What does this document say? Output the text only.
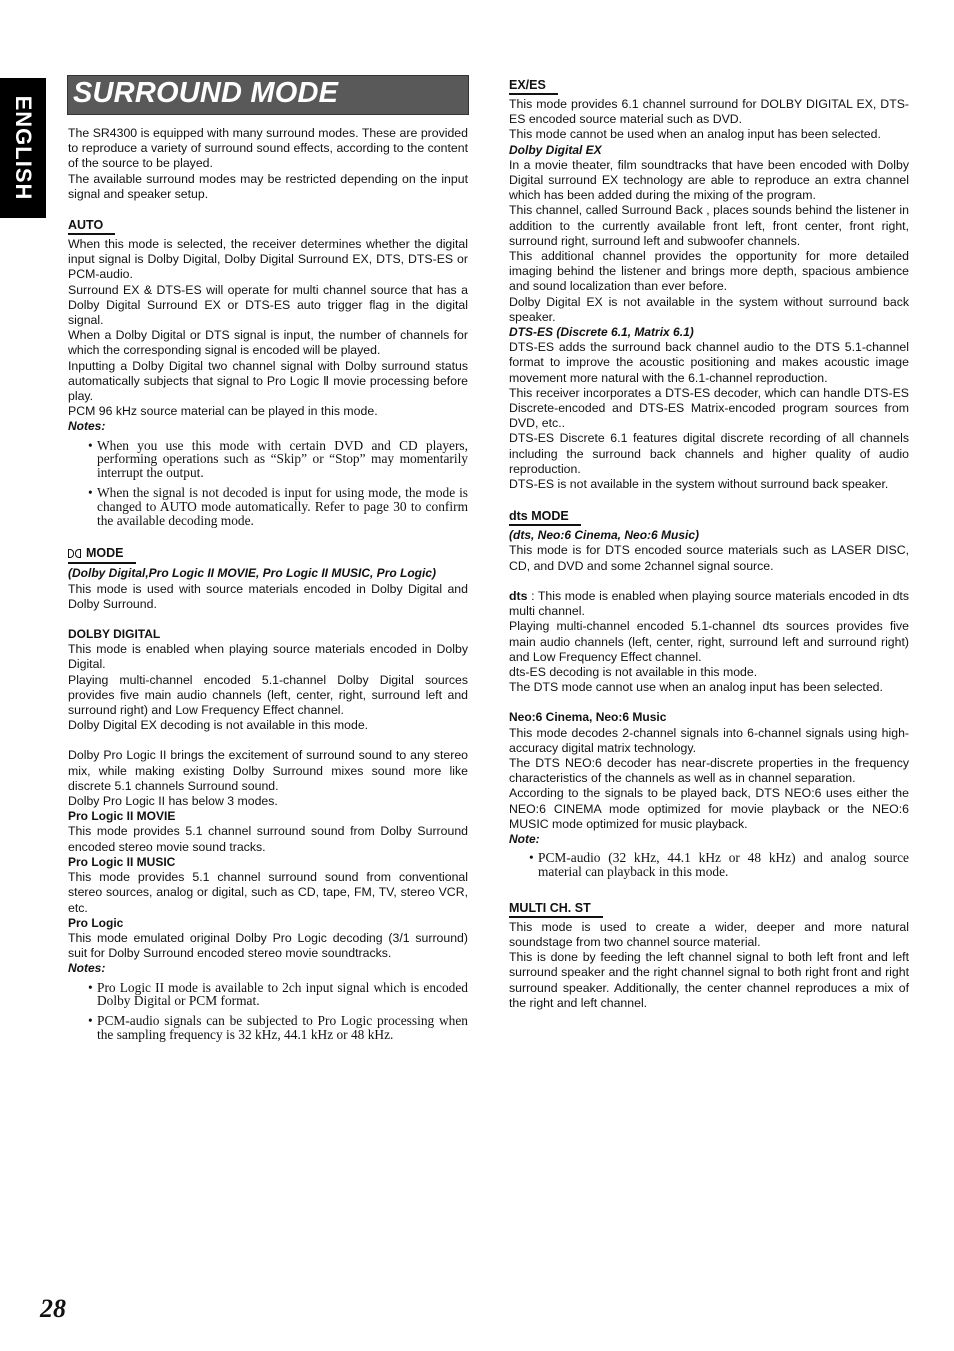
ENGLISH
SURROUND MODE

The SR4300 is equipped with many surround modes. These are provided to reproduce a variety of surround sound effects, according to the content of the source to be played.

The available surround modes may be restricted depending on the input signal and speaker setup.

AUTO

When this mode is selected, the receiver determines whether the digital input signal is Dolby Digital, Dolby Digital Surround EX, DTS, DTS-ES or PCM-audio.

Surround EX & DTS-ES will operate for multi channel source that has a Dolby Digital Surround EX or DTS-ES auto trigger flag in the digital signal.

When a Dolby Digital or DTS signal is input, the number of channels for which the corresponding signal is encoded will be played.

Inputting a Dolby Digital two channel signal with Dolby surround status automatically subjects that signal to Pro Logic Ⅱ movie processing before play.

PCM 96 kHz source material can be played in this mode.

Notes:

• When you use this mode with certain DVD and CD players, performing operations such as “Skip” or “Stop” may momentarily interrupt the output.
• When the signal is not decoded is input for using mode, the mode is changed to AUTO mode automatically. Refer to page 30 to confirm the available decoding mode.
MODE

(Dolby Digital,Pro Logic II MOVIE, Pro Logic II MUSIC, Pro Logic)

This mode is used with source materials encoded in Dolby Digital and Dolby Surround.

DOLBY DIGITAL

This mode is enabled when playing source materials encoded in Dolby Digital.

Playing multi-channel encoded 5.1-channel Dolby Digital sources provides five main audio channels (left, center, right, surround left and surround right) and Low Frequency Effect channel.

Dolby Digital EX decoding is not available in this mode.

Dolby Pro Logic II brings the excitement of surround sound to any stereo mix, while making existing Dolby Surround mixes sound more like discrete 5.1 channels Surround sound.

Dolby Pro Logic II has below 3 modes.

Pro Logic II MOVIE

This mode provides 5.1 channel surround sound from Dolby Surround encoded stereo movie sound tracks.

Pro Logic II MUSIC

This mode provides 5.1 channel surround sound from conventional stereo sources, analog or digital, such as CD, tape, FM, TV, stereo VCR, etc.

Pro Logic

This mode emulated original Dolby Pro Logic decoding (3/1 surround) suit for Dolby Surround encoded stereo movie soundtracks.

Notes:

• Pro Logic II mode is available to 2ch input signal which is encoded Dolby Digital or PCM format.
• PCM-audio signals can be subjected to Pro Logic processing when the sampling frequency is 32 kHz, 44.1 kHz or 48 kHz.
EX/ES

This mode provides 6.1 channel surround for DOLBY DIGITAL EX, DTS-ES encoded source material such as DVD.

This mode cannot be used when an analog input has been selected.

Dolby Digital EX

In a movie theater, film soundtracks that have been encoded with Dolby Digital surround EX technology are able to reproduce an extra channel which has been added during the mixing of the program.

This channel, called Surround Back , places sounds behind the listener in addition to the currently available front left, front center, front right, surround right, surround left and subwoofer channels.

This additional channel provides the opportunity for more detailed imaging behind the listener and brings more depth, spacious ambience and sound localization than ever before.

Dolby Digital EX is not available in the system without surround back speaker.

DTS-ES (Discrete 6.1, Matrix 6.1)

DTS-ES adds the surround back channel audio to the DTS 5.1-channel format to improve the acoustic positioning and makes acoustic image movement more natural with the 6.1-channel reproduction.

This receiver incorporates a DTS-ES decoder, which can handle DTS-ES Discrete-encoded and DTS-ES Matrix-encoded program sources from DVD, etc..

DTS-ES Discrete 6.1 features digital discrete recording of all channels including the surround back channels and higher quality of audio reproduction.

DTS-ES is not available in the system without surround back speaker.

dts MODE

(dts, Neo:6 Cinema, Neo:6 Music)

This mode is for DTS encoded source materials such as LASER DISC, CD, and DVD and some 2channel signal source.

dts : This mode is enabled when playing source materials encoded in dts multi channel.

Playing multi-channel encoded 5.1-channel dts sources provides five main audio channels (left, center, right, surround left and surround right) and Low Frequency Effect channel.

dts-ES decoding is not available in this mode.

The DTS mode cannot use when an analog input has been selected.

Neo:6 Cinema, Neo:6 Music

This mode decodes 2-channel signals into 6-channel signals using high-accuracy digital matrix technology.

The DTS NEO:6 decoder has near-discrete properties in the frequency characteristics of the channels as well as in channel separation.

According to the signals to be played back, DTS NEO:6 uses either the NEO:6 CINEMA mode optimized for movie playback or the NEO:6 MUSIC mode optimized for music playback.

Note:

• PCM-audio (32 kHz, 44.1 kHz or 48 kHz) and analog source material can playback in this mode.
MULTI CH. ST

This mode is used to create a wider, deeper and more natural soundstage from two channel source material.

This is done by feeding the left channel signal to both left front and left surround speaker and the right channel signal to both right front and right surround speaker. Additionally, the center channel reproduces a mix of the right and left channel.

28
